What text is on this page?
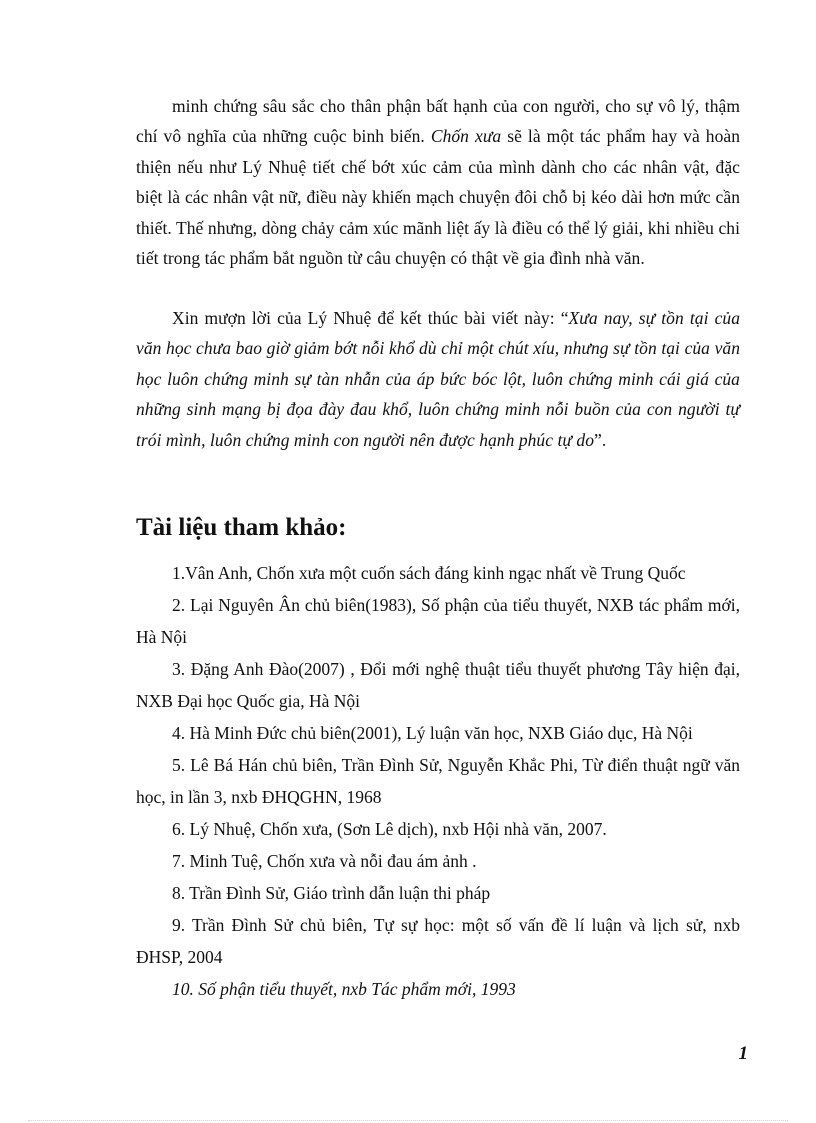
minh chứng sâu sắc cho thân phận bất hạnh của con người, cho sự vô lý, thậm chí vô nghĩa của những cuộc binh biến. Chốn xưa sẽ là một tác phẩm hay và hoàn thiện nếu như Lý Nhuệ tiết chế bớt xúc cảm của mình dành cho các nhân vật, đặc biệt là các nhân vật nữ, điều này khiến mạch chuyện đôi chỗ bị kéo dài hơn mức cần thiết. Thế nhưng, dòng chảy cảm xúc mãnh liệt ấy là điều có thể lý giải, khi nhiều chi tiết trong tác phẩm bắt nguồn từ câu chuyện có thật về gia đình nhà văn.

Xin mượn lời của Lý Nhuệ để kết thúc bài viết này: “Xưa nay, sự tồn tại của văn học chưa bao giờ giảm bớt nỗi khổ dù chỉ một chút xíu, nhưng sự tồn tại của văn học luôn chứng minh sự tàn nhẫn của áp bức bóc lột, luôn chứng minh cái giá của những sinh mạng bị đọa đày đau khổ, luôn chứng minh nỗi buồn của con người tự trói mình, luôn chứng minh con người nên được hạnh phúc tự do”.

Tài liệu tham khảo:
1.Vân Anh, Chốn xưa một cuốn sách đáng kinh ngạc nhất về Trung Quốc
2. Lại Nguyên Ân chủ biên(1983), Số phận của tiểu thuyết, NXB tác phẩm mới, Hà Nội
3. Đặng Anh Đào(2007) , Đổi mới nghệ thuật tiểu thuyết phương Tây hiện đại, NXB Đại học Quốc gia, Hà Nội
4. Hà Minh Đức chủ biên(2001), Lý luận văn học, NXB Giáo dục, Hà Nội
5. Lê Bá Hán chủ biên, Trần Đình Sử, Nguyễn Khắc Phi, Từ điển thuật ngữ văn học, in lần 3, nxb ĐHQGHN, 1968
6. Lý Nhuệ, Chốn xưa, (Sơn Lê dịch), nxb Hội nhà văn, 2007.
7. Minh Tuệ, Chốn xưa và nỗi đau ám ảnh .
8. Trần Đình Sử, Giáo trình dẫn luận thi pháp
9. Trần Đình Sử chủ biên, Tự sự học: một số vấn đề lí luận và lịch sử, nxb ĐHSP, 2004
10. Số phận tiểu thuyết, nxb Tác phẩm mới, 1993
1
